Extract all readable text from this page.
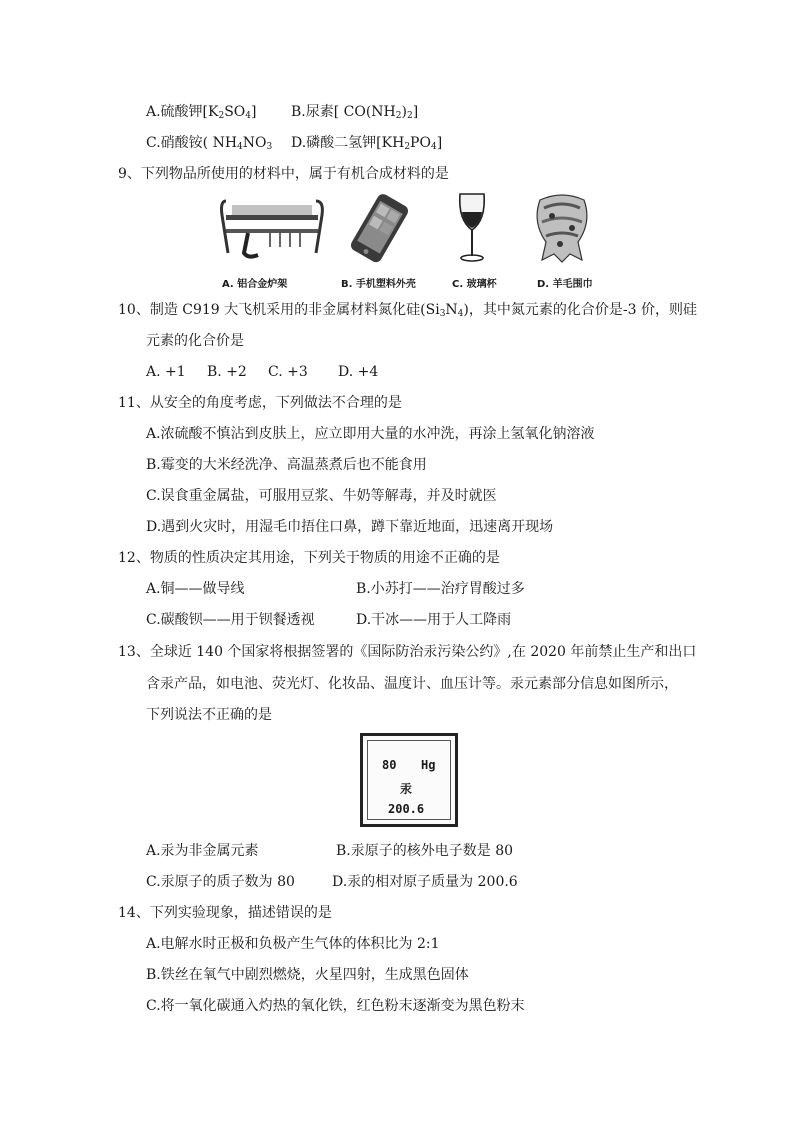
A.硫酸钾$[K_2SO_4]$ B.尿素[ $CO(NH_2)_2$]
C.硝酸铵( $NH_4NO_3$ D.磷酸二氢钾$[KH_2PO_4]$
9、下列物品所使用的材料中，属于有机合成材料的是
A. 铝合金炉架	B. 手机塑料外壳	C. 玻璃杯	D. 羊毛围巾
10、制造 C919 大飞机采用的非金属材料氮化硅$(Si_3N_4)$，其中氮元素的化合价是-3 价，则硅
元素的化合价是
A. +1 B. +2 C. +3 D. +4
11、从安全的角度考虑，下列做法不合理的是
A.浓硫酸不慎沾到皮肤上，应立即用大量的水冲洗，再涂上氢氧化钠溶液
B.霉变的大米经洗净、高温蒸煮后也不能食用
C.误食重金属盐，可服用豆浆、牛奶等解毒，并及时就医
D.遇到火灾时，用湿毛巾捂住口鼻，蹲下靠近地面，迅速离开现场
12、物质的性质决定其用途，下列关于物质的用途不正确的是
A.铜——做导线	B.小苏打——治疗胃酸过多
C.碳酸钡——用于钡餐透视	D.干冰——用于人工降雨
13、全球近 140 个国家将根据签署的《国际防治汞污染公约》,在 2020 年前禁止生产和出口
含汞产品，如电池、荧光灯、化妆品、温度计、血压计等。汞元素部分信息如图所示，
下列说法不正确的是
80 Hg
汞
200.6
A.汞为非金属元素	B.汞原子的核外电子数是 80
C.汞原子的质子数为 80	D.汞的相对原子质量为 200.6
14、下列实验现象，描述错误的是
A.电解水时正极和负极产生气体的体积比为 2:1
B.铁丝在氧气中剧烈燃烧，火星四射，生成黑色固体
C.将一氧化碳通入灼热的氧化铁，红色粉末逐渐变为黑色粉末
